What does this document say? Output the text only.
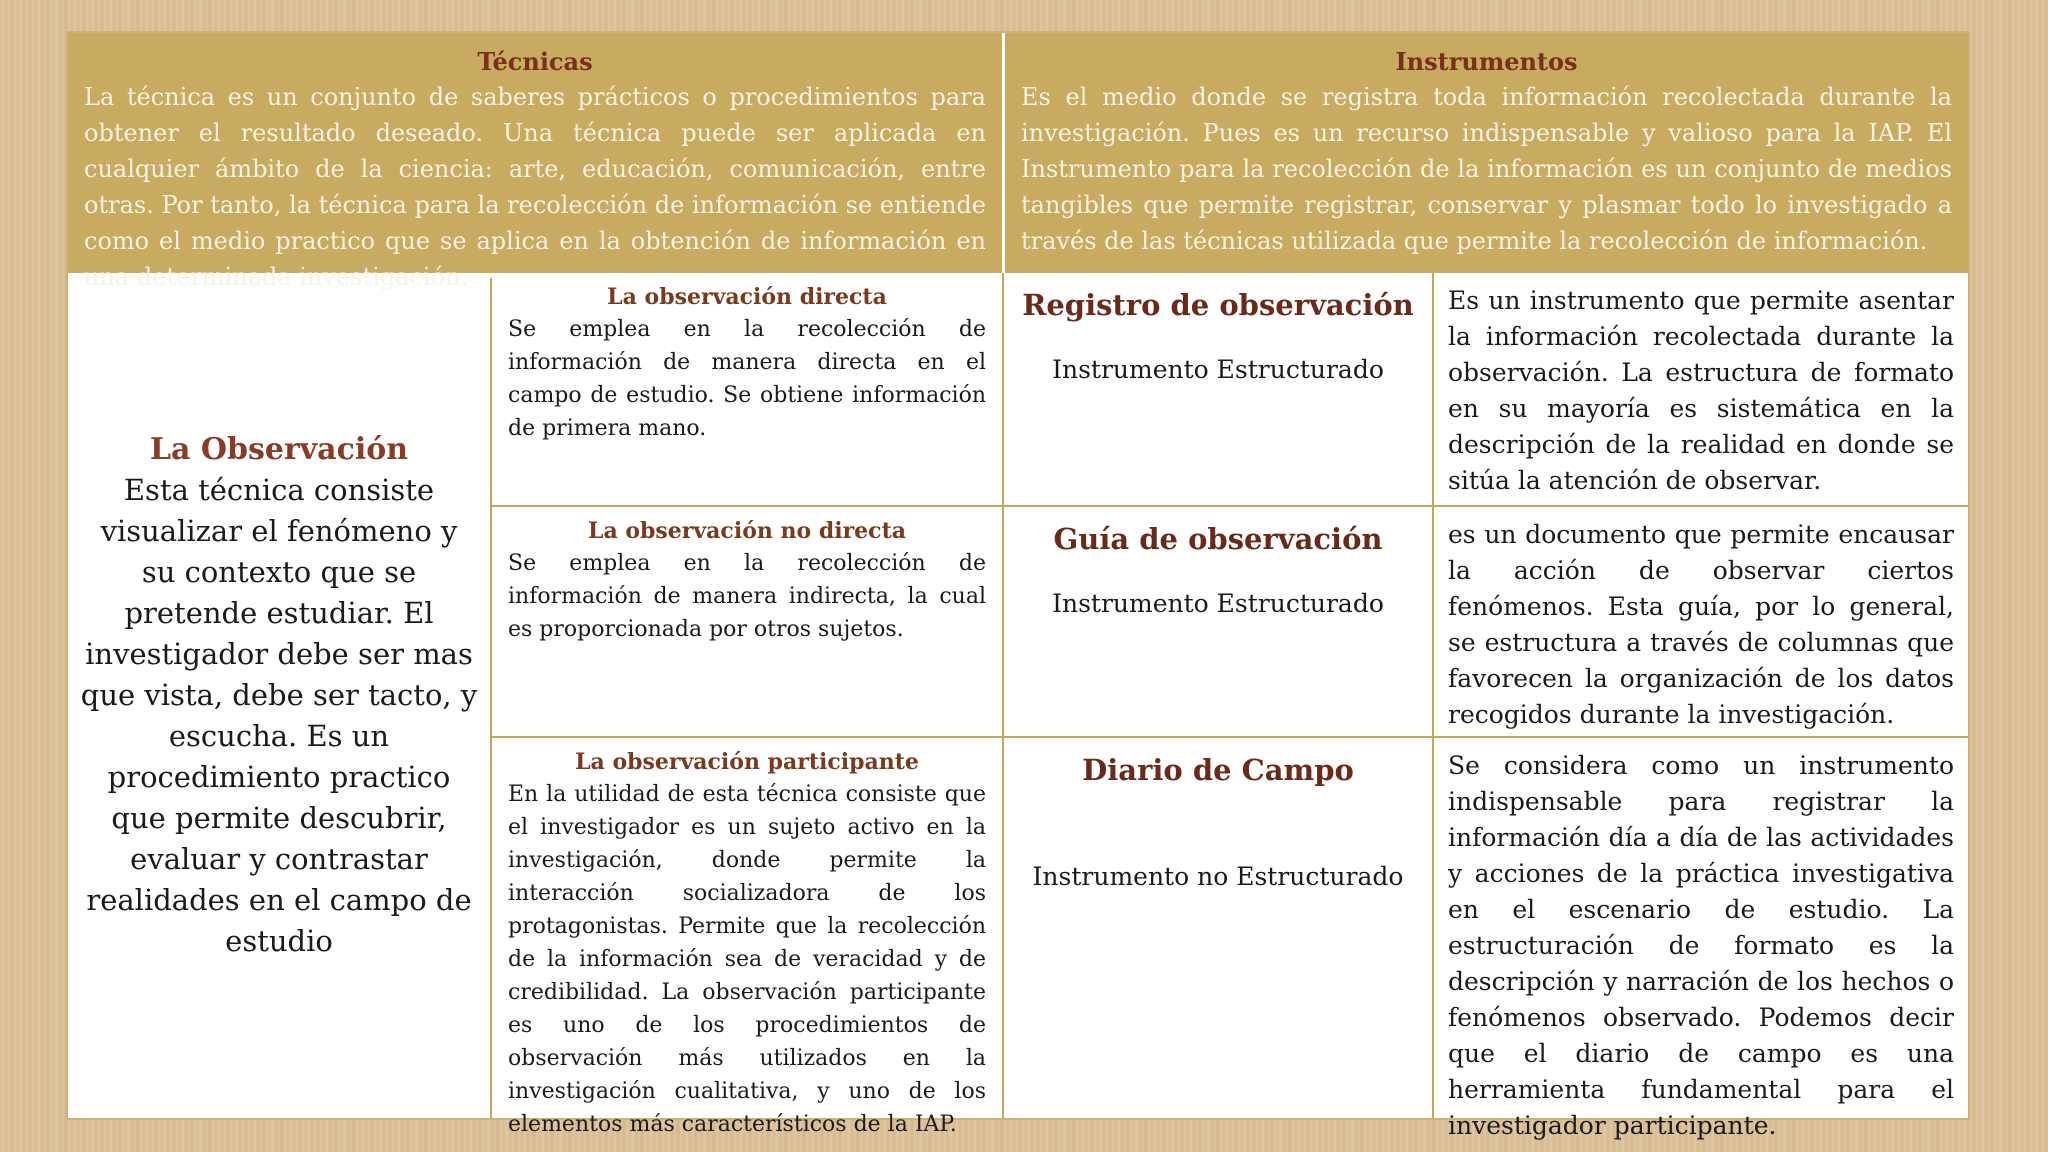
Técnicas
La técnica es un conjunto de saberes prácticos o procedimientos para obtener el resultado deseado. Una técnica puede ser aplicada en cualquier ámbito de la ciencia: arte, educación, comunicación, entre otras. Por tanto, la técnica para la recolección de información se entiende como el medio practico que se aplica en la obtención de información en una determinada investigación.
Instrumentos
Es el medio donde se registra toda información recolectada durante la investigación. Pues es un recurso indispensable y valioso para la IAP. El Instrumento para la recolección de la información es un conjunto de medios tangibles que permite registrar, conservar y plasmar todo lo investigado a través de las técnicas utilizada que permite la recolección de información.
La Observación
Esta técnica consiste visualizar el fenómeno y su contexto que se pretende estudiar. El investigador debe ser mas que vista, debe ser tacto, y escucha. Es un procedimiento practico que permite descubrir, evaluar y contrastar realidades en el campo de estudio
La observación directa
Se emplea en la recolección de información de manera directa en el campo de estudio. Se obtiene información de primera mano.
Registro de observación
Instrumento Estructurado
Es un instrumento que permite asentar la información recolectada durante la observación. La estructura de formato en su mayoría es sistemática en la descripción de la realidad en donde se sitúa la atención de observar.
La observación no directa
Se emplea en la recolección de información de manera indirecta, la cual es proporcionada por otros sujetos.
Guía de observación
Instrumento Estructurado
es un documento que permite encausar la acción de observar ciertos fenómenos. Esta guía, por lo general, se estructura a través de columnas que favorecen la organización de los datos recogidos durante la investigación.
La observación participante
En la utilidad de esta técnica consiste que el investigador es un sujeto activo en la investigación, donde permite la interacción socializadora de los protagonistas. Permite que la recolección de la información sea de veracidad y de credibilidad. La observación participante es uno de los procedimientos de observación más utilizados en la investigación cualitativa, y uno de los elementos más característicos de la IAP.
Diario de Campo
Instrumento no Estructurado
Se considera como un instrumento indispensable para registrar la información día a día de las actividades y acciones de la práctica investigativa en el escenario de estudio. La estructuración de formato es la descripción y narración de los hechos o fenómenos observado. Podemos decir que el diario de campo es una herramienta fundamental para el investigador participante.
